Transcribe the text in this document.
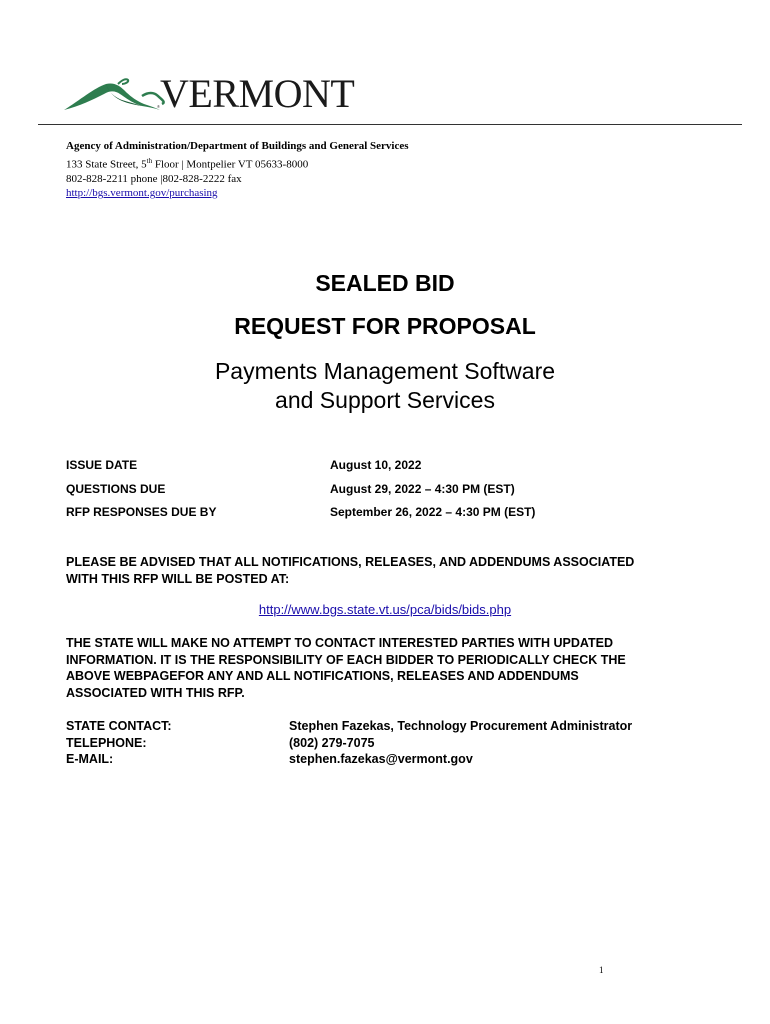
VERMONT
®
Agency of Administration/Department of Buildings and General Services
133 State Street, 5th Floor | Montpelier VT 05633-8000
802-828-2211 phone |802-828-2222 fax
http://bgs.vermont.gov/purchasing
SEALED BID
REQUEST FOR PROPOSAL
Payments Management Software
and Support Services
ISSUE DATE	August 10, 2022
QUESTIONS DUE	August 29, 2022 – 4:30 PM (EST)
RFP RESPONSES DUE BY	September 26, 2022 – 4:30 PM (EST)
PLEASE BE ADVISED THAT ALL NOTIFICATIONS, RELEASES, AND ADDENDUMS ASSOCIATED
WITH THIS RFP WILL BE POSTED AT:
http://www.bgs.state.vt.us/pca/bids/bids.php
THE STATE WILL MAKE NO ATTEMPT TO CONTACT INTERESTED PARTIES WITH UPDATED
INFORMATION. IT IS THE RESPONSIBILITY OF EACH BIDDER TO PERIODICALLY CHECK THE
ABOVE WEBPAGEFOR ANY AND ALL NOTIFICATIONS, RELEASES AND ADDENDUMS
ASSOCIATED WITH THIS RFP.
STATE CONTACT:	Stephen Fazekas, Technology Procurement Administrator
TELEPHONE:	(802) 279-7075
E-MAIL:	stephen.fazekas@vermont.gov
1
